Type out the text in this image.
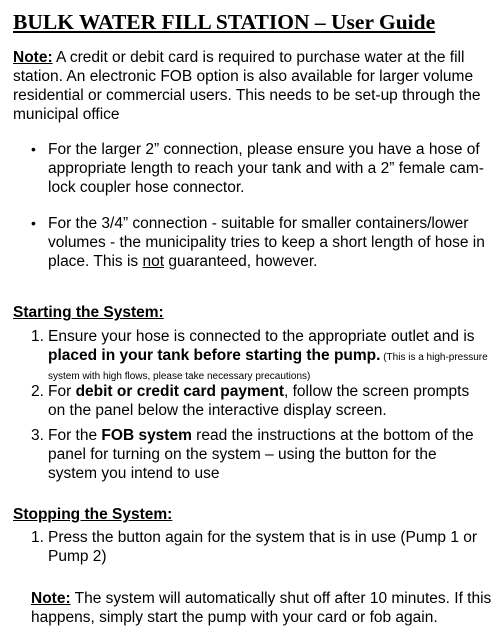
BULK WATER FILL STATION – User Guide

Note: A credit or debit card is required to purchase water at the fill station. An electronic FOB option is also available for larger volume residential or commercial users. This needs to be set-up through the municipal office

• For the larger 2” connection, please ensure you have a hose of appropriate length to reach your tank and with a 2” female cam-lock coupler hose connector.
• For the 3/4” connection - suitable for smaller containers/lower volumes - the municipality tries to keep a short length of hose in place. This is not guaranteed, however.
Starting the System:
1. Ensure your hose is connected to the appropriate outlet and is placed in your tank before starting the pump. (This is a high-pressure system with high flows, please take necessary precautions)
2. For debit or credit card payment, follow the screen prompts on the panel below the interactive display screen.
3. For the FOB system read the instructions at the bottom of the panel for turning on the system – using the button for the system you intend to use
Stopping the System:
1. Press the button again for the system that is in use (Pump 1 or Pump 2)

Note: The system will automatically shut off after 10 minutes. If this happens, simply start the pump with your card or fob again.
